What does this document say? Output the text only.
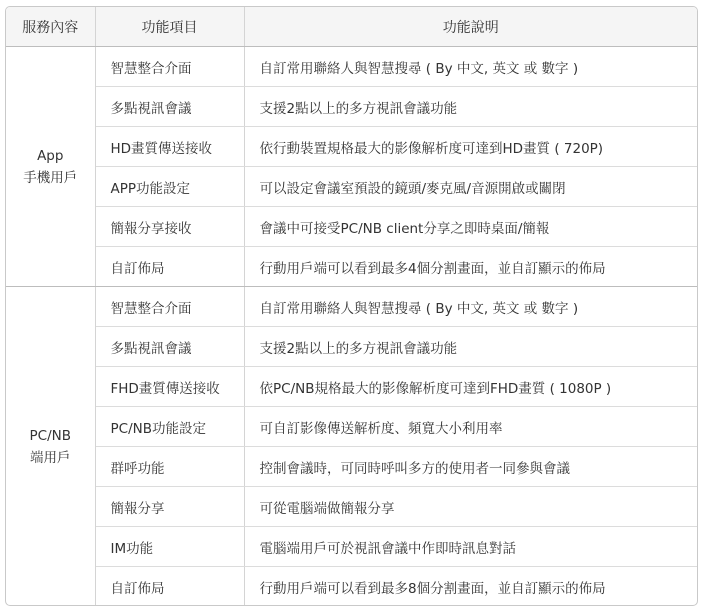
服務內容	功能項目	功能說明
App
手機用戶	智慧整合介面	自訂常用聯絡人與智慧搜尋 ( By 中文, 英文 或 數字 )
	多點視訊會議	支援2點以上的多方視訊會議功能
	HD畫質傳送接收	依行動裝置規格最大的影像解析度可達到HD畫質 ( 720P)
	APP功能設定	可以設定會議室預設的鏡頭/麥克風/音源開啟或關閉
	簡報分享接收	會議中可接受PC/NB client分享之即時桌面/簡報
	自訂佈局	行動用戶端可以看到最多4個分割畫面，並自訂顯示的佈局
PC/NB
端用戶	智慧整合介面	自訂常用聯絡人與智慧搜尋 ( By 中文, 英文 或 數字 )
	多點視訊會議	支援2點以上的多方視訊會議功能
	FHD畫質傳送接收	依PC/NB規格最大的影像解析度可達到FHD畫質 ( 1080P )
	PC/NB功能設定	可自訂影像傳送解析度、頻寬大小利用率
	群呼功能	控制會議時，可同時呼叫多方的使用者一同參與會議
	簡報分享	可從電腦端做簡報分享
	IM功能	電腦端用戶可於視訊會議中作即時訊息對話
	自訂佈局	行動用戶端可以看到最多8個分割畫面，並自訂顯示的佈局
